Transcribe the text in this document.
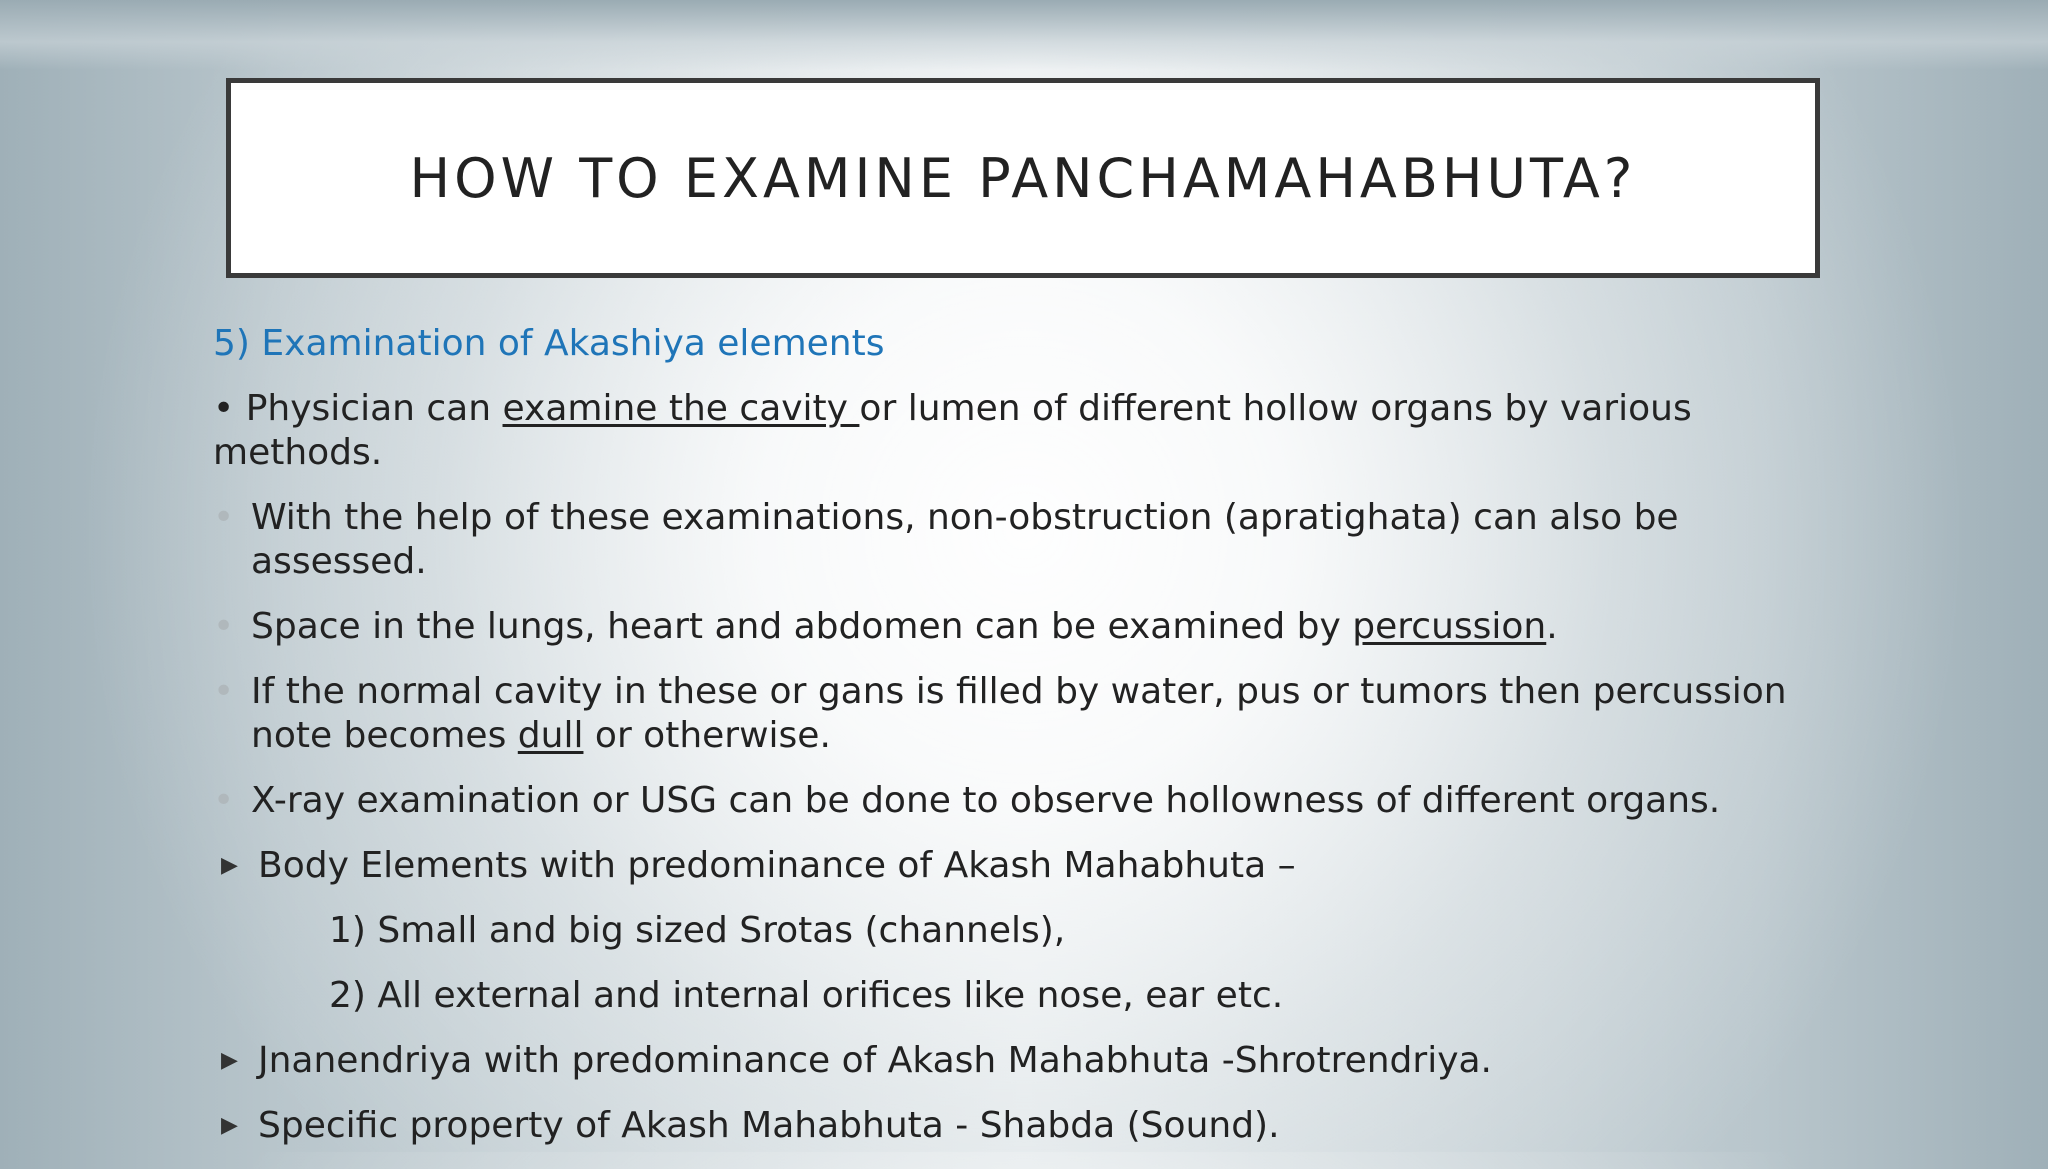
HOW TO EXAMINE PANCHAMAHABHUTA?
5) Examination of Akashiya elements
• Physician can examine the cavity or lumen of different hollow organs by various methods.
• With the help of these examinations, non-obstruction (apratighata) can also be assessed.
• Space in the lungs, heart and abdomen can be examined by percussion.
• If the normal cavity in these or gans is filled by water, pus or tumors then percussion note becomes dull or otherwise.
• X-ray examination or USG can be done to observe hollowness of different organs.
▶ Body Elements with predominance of Akash Mahabhuta –
1) Small and big sized Srotas (channels),
2) All external and internal orifices like nose, ear etc.
▶ Jnanendriya with predominance of Akash Mahabhuta -Shrotrendriya.
▶ Specific property of Akash Mahabhuta - Shabda (Sound).
